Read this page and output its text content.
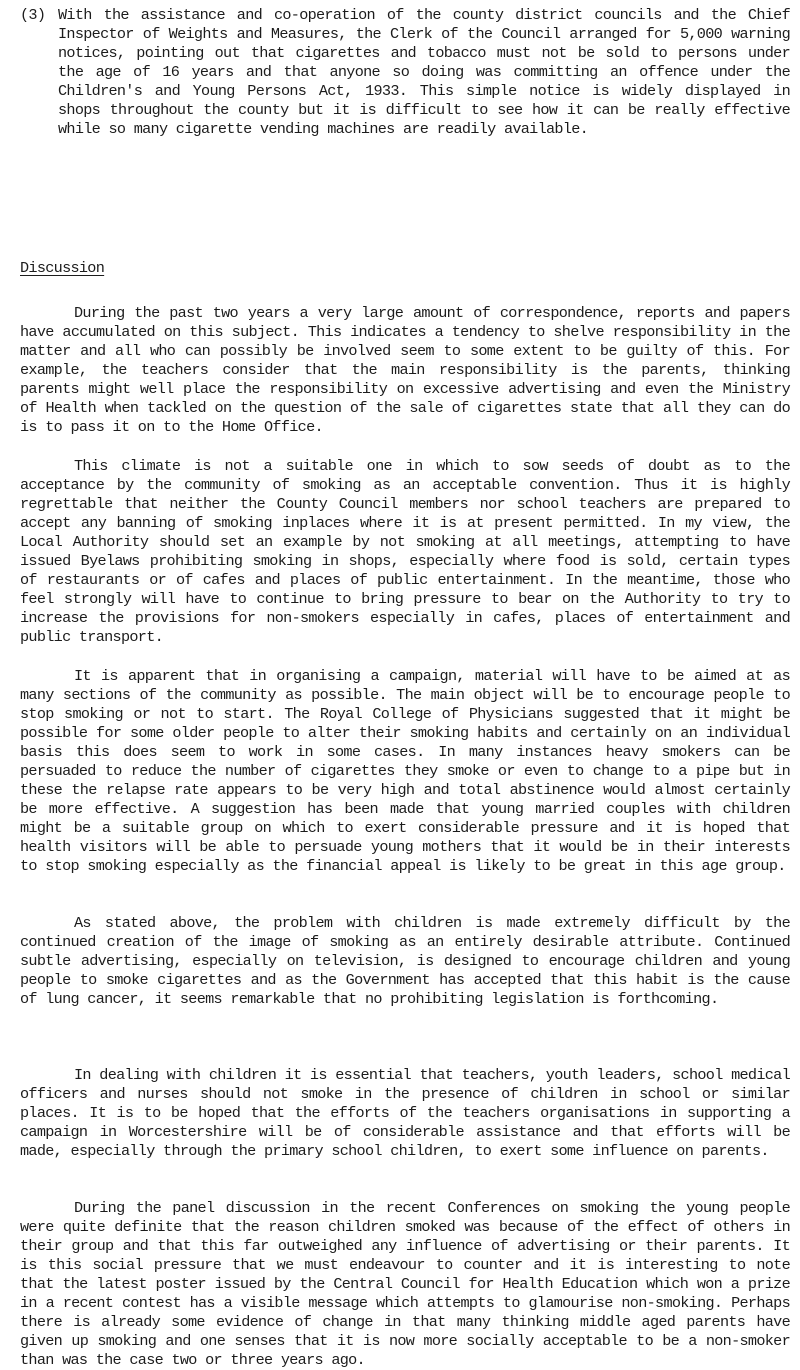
(3) With the assistance and co-operation of the county district councils and the Chief Inspector of Weights and Measures, the Clerk of the Council arranged for 5,000 warning notices, pointing out that cigarettes and tobacco must not be sold to persons under the age of 16 years and that anyone so doing was committing an offence under the Children's and Young Persons Act, 1933. This simple notice is widely displayed in shops throughout the county but it is difficult to see how it can be really effective while so many cigarette vending machines are readily available.

Discussion

During the past two years a very large amount of correspondence, reports and papers have accumulated on this subject. This indicates a tendency to shelve responsibility in the matter and all who can possibly be involved seem to some extent to be guilty of this. For example, the teachers consider that the main responsibility is the parents, thinking parents might well place the responsibility on excessive advertising and even the Ministry of Health when tackled on the question of the sale of cigarettes state that all they can do is to pass it on to the Home Office.

This climate is not a suitable one in which to sow seeds of doubt as to the acceptance by the community of smoking as an acceptable convention. Thus it is highly regrettable that neither the County Council members nor school teachers are prepared to accept any banning of smoking inplaces where it is at present permitted. In my view, the Local Authority should set an example by not smoking at all meetings, attempting to have issued Byelaws prohibiting smoking in shops, especially where food is sold, certain types of restaurants or of cafes and places of public entertainment. In the meantime, those who feel strongly will have to continue to bring pressure to bear on the Authority to try to increase the provisions for non-smokers especially in cafes, places of entertainment and public transport.

It is apparent that in organising a campaign, material will have to be aimed at as many sections of the community as possible. The main object will be to encourage people to stop smoking or not to start. The Royal College of Physicians suggested that it might be possible for some older people to alter their smoking habits and certainly on an individual basis this does seem to work in some cases. In many instances heavy smokers can be persuaded to reduce the number of cigarettes they smoke or even to change to a pipe but in these the relapse rate appears to be very high and total abstinence would almost certainly be more effective. A suggestion has been made that young married couples with children might be a suitable group on which to exert considerable pressure and it is hoped that health visitors will be able to persuade young mothers that it would be in their interests to stop smoking especially as the financial appeal is likely to be great in this age group.

As stated above, the problem with children is made extremely difficult by the continued creation of the image of smoking as an entirely desirable attribute. Continued subtle advertising, especially on television, is designed to encourage children and young people to smoke cigarettes and as the Government has accepted that this habit is the cause of lung cancer, it seems remarkable that no prohibiting legislation is forthcoming.

In dealing with children it is essential that teachers, youth leaders, school medical officers and nurses should not smoke in the presence of children in school or similar places. It is to be hoped that the efforts of the teachers organisations in supporting a campaign in Worcestershire will be of considerable assistance and that efforts will be made, especially through the primary school children, to exert some influence on parents.

During the panel discussion in the recent Conferences on smoking the young people were quite definite that the reason children smoked was because of the effect of others in their group and that this far outweighed any influence of advertising or their parents. It is this social pressure that we must endeavour to counter and it is interesting to note that the latest poster issued by the Central Council for Health Education which won a prize in a recent contest has a visible message which attempts to glamourise non-smoking. Perhaps there is already some evidence of change in that many thinking middle aged parents have given up smoking and one senses that it is now more socially acceptable to be a non-smoker than was the case two or three years ago.
